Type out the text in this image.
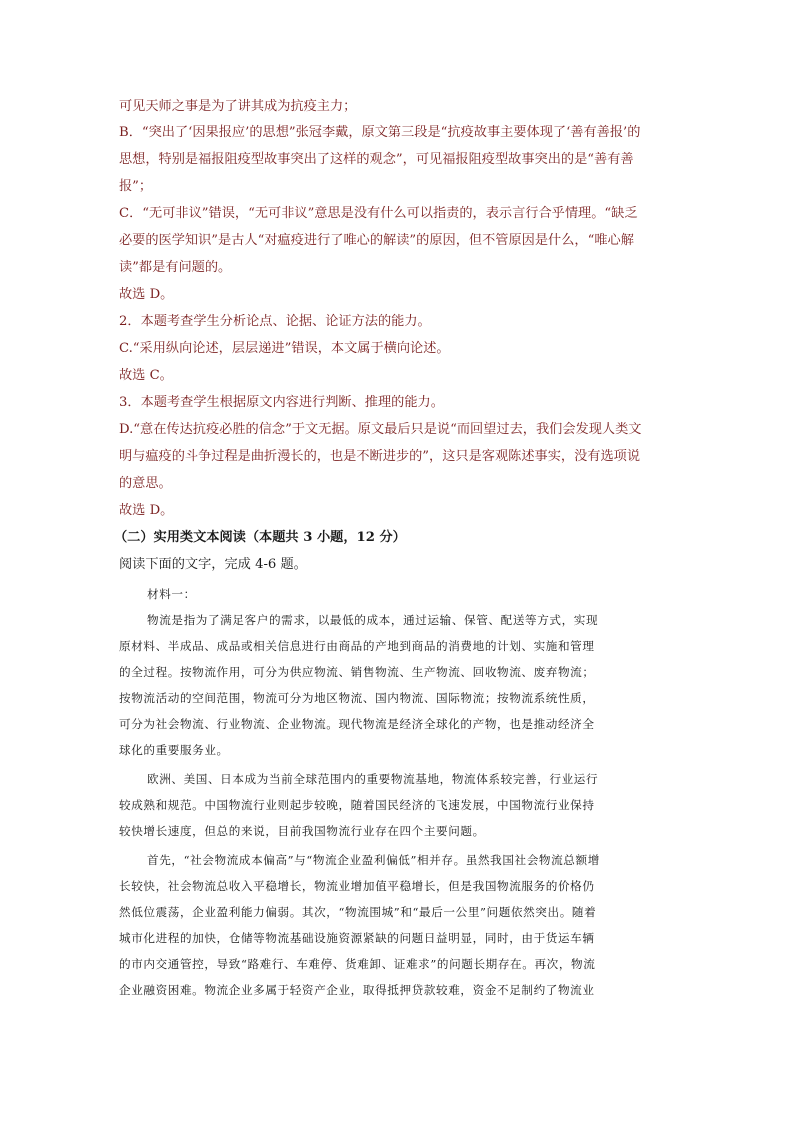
可见天师之事是为了讲其成为抗疫主力；
B．“突出了‘因果报应’的思想”张冠李戴，原文第三段是“抗疫故事主要体现了‘善有善报’的
思想，特别是福报阻疫型故事突出了这样的观念”，可见福报阻疫型故事突出的是“善有善
报”；
C．“无可非议”错误，“无可非议”意思是没有什么可以指责的，表示言行合乎情理。“缺乏
必要的医学知识”是古人“对瘟疫进行了唯心的解读”的原因，但不管原因是什么，“唯心解
读”都是有问题的。
故选 D。
2．本题考查学生分析论点、论据、论证方法的能力。
C.“采用纵向论述，层层递进”错误，本文属于横向论述。
故选 C。
3．本题考查学生根据原文内容进行判断、推理的能力。
D.“意在传达抗疫必胜的信念”于文无据。原文最后只是说“而回望过去，我们会发现人类文
明与瘟疫的斗争过程是曲折漫长的，也是不断进步的”，这只是客观陈述事实，没有选项说
的意思。
故选 D。
（二）实用类文本阅读（本题共 3 小题，12 分）
阅读下面的文字，完成 4-6 题。
材料一：
物流是指为了满足客户的需求，以最低的成本，通过运输、保管、配送等方式，实现
原材料、半成品、成品或相关信息进行由商品的产地到商品的消费地的计划、实施和管理
的全过程。按物流作用，可分为供应物流、销售物流、生产物流、回收物流、废弃物流；
按物流活动的空间范围，物流可分为地区物流、国内物流、国际物流；按物流系统性质，
可分为社会物流、行业物流、企业物流。现代物流是经济全球化的产物，也是推动经济全
球化的重要服务业。
欧洲、美国、日本成为当前全球范围内的重要物流基地，物流体系较完善，行业运行
较成熟和规范。中国物流行业则起步较晚，随着国民经济的飞速发展，中国物流行业保持
较快增长速度，但总的来说，目前我国物流行业存在四个主要问题。
首先，“社会物流成本偏高”与“物流企业盈利偏低”相并存。虽然我国社会物流总额增
长较快，社会物流总收入平稳增长，物流业增加值平稳增长，但是我国物流服务的价格仍
然低位震荡，企业盈利能力偏弱。其次，“物流围城”和“最后一公里”问题依然突出。随着
城市化进程的加快，仓储等物流基础设施资源紧缺的问题日益明显，同时，由于货运车辆
的市内交通管控，导致“路难行、车难停、货难卸、证难求”的问题长期存在。再次，物流
企业融资困难。物流企业多属于轻资产企业，取得抵押贷款较难，资金不足制约了物流业
